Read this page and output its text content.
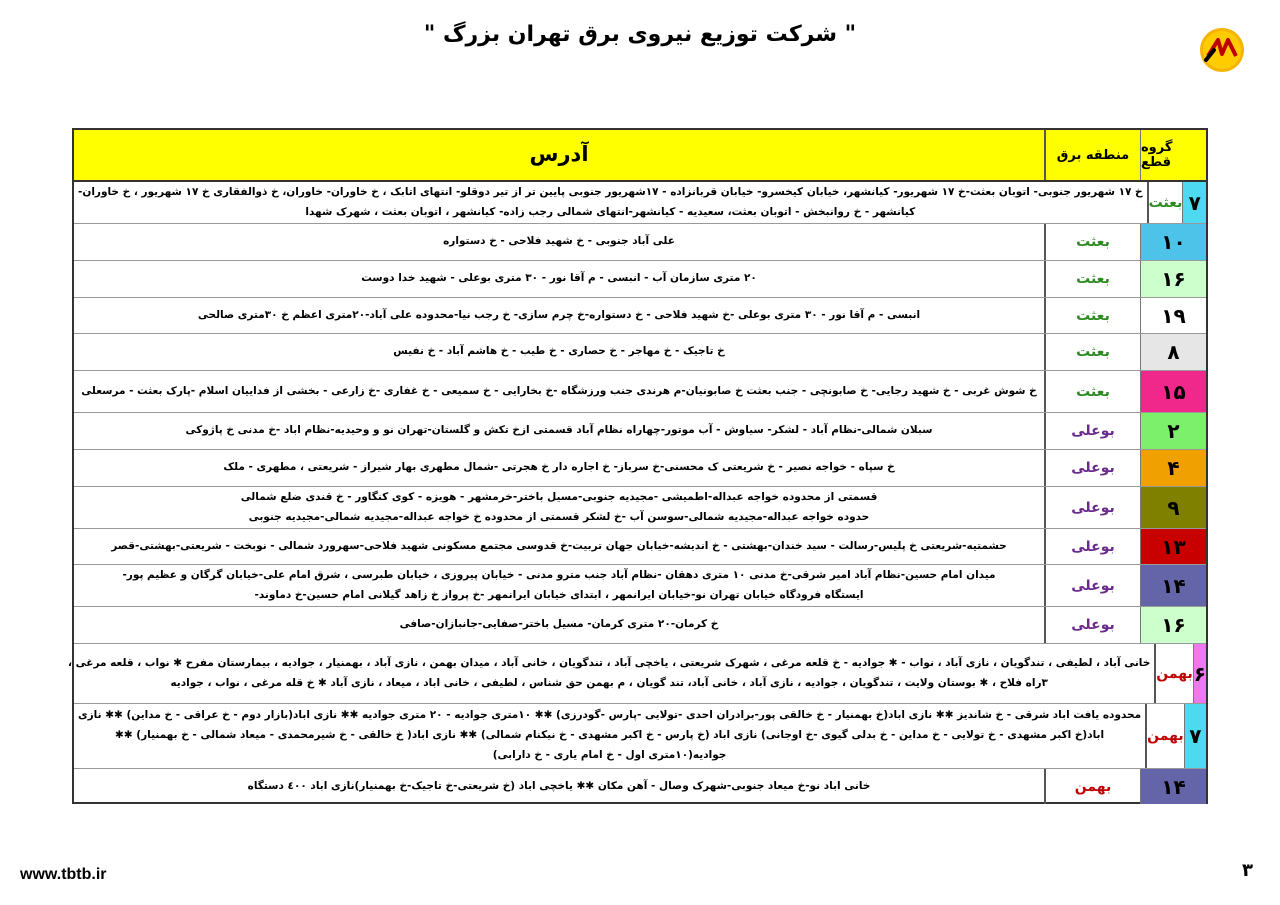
" شرکت توزیع نیروی برق تهران بزرگ "
گروه قطع
منطقه برق
آدرس
۷
بعثت
خ ۱۷ شهریور جنوبی- اتوبان بعثت-خ ۱۷ شهریور- کیانشهر، خیابان کیخسرو- خیابان قربانزاده - ۱۷شهریور جنوبی پایین تر از تیر دوقلو- انتهای اتابک ، خ خاوران- خاوران، خ ذوالفقاری خ ۱۷ شهریور ، خ خاوران-
کیانشهر - خ روانبخش - اتوبان بعثت، سعیدیه - کیانشهر-انتهای شمالی رجب زاده- کیانشهر ، اتوبان بعثت ، شهرک شهدا
۱۰
بعثت
علی آباد جنوبی - خ شهید فلاحی - خ دستواره
۱۶
بعثت
۲۰ متری سازمان آب - انبسی - م آقا نور - ۳۰ متری بوعلی - شهید خدا دوست
۱۹
بعثت
انبسی - م آقا نور - ۳۰ متری بوعلی -خ شهید فلاحی - خ دستواره-خ چرم سازی- خ رجب نیا-محدوده علی آباد-۲۰متری اعظم خ ۳۰متری صالحی
۸
بعثت
خ تاجیک - خ مهاجر - خ حصاری - خ طیب - خ هاشم آباد - خ نفیس
۱۵
بعثت
خ شوش غربی - خ شهید رجایی- خ صابونچی - جنب بعثت خ صابونیان-م هرندی جنب ورزشگاه -خ بخارایی - خ سمیعی - خ غفاری -خ زارعی - بخشی از فداییان اسلام -پارک بعثت - مرسعلی
۲
بوعلی
سبلان شمالی-نظام آباد - لشکر- سیاوش - آب موتور-چهاراه نظام آباد قسمتی ازخ تکش و گلستان-تهران نو و وحیدیه-نظام اباد -خ مدنی خ پاژوکی
۴
بوعلی
خ سپاه - خواجه نصیر - خ شریعتی ک محسنی-خ سرباز- خ اجاره دار خ هجرتی -شمال مطهری بهار شیراز - شریعتی ، مطهری - ملک
۹
بوعلی
قسمتی از محدوده خواجه عبداله-اطمیشی -مجیدیه جنوبی-مسیل باختر-خرمشهر - هویزه - کوی کنگاور - خ قندی ضلع شمالی
حدوده خواجه عبداله-مجیدیه شمالی-سوسن آب -خ لشکر قسمتی از محدوده خ خواجه عبداله-مجیدیه شمالی-مجیدیه جنوبی
۱۳
بوعلی
حشمتیه-شریعتی خ پلیس-رسالت - سید خندان-بهشتی - خ اندیشه-خیابان جهان تربیت-خ قدوسی مجتمع مسکونی شهید فلاحی-سهرورد شمالی - نوبخت - شریعتی-بهشتی-قصر
۱۴
بوعلی
میدان امام حسین-نظام آباد امیر شرقی-خ مدنی ۱۰ متری دهقان -نظام آباد جنب مترو مدنی - خیابان پیروزی ، خیابان طبرسی ، شرق امام علی-خیابان گرگان و عظیم پور-
ایستگاه فرودگاه خیابان تهران نو-خیابان ایرانمهر ، ابتدای خیابان ایرانمهر -خ پرواز خ زاهد گیلانی امام حسین-خ دماوند-
۱۶
بوعلی
خ کرمان-۲۰ متری کرمان- مسیل باختر-صفایی-جانبازان-صافی
۶
بهمن
خانی آباد ، لطیفی ، تندگویان ، نازی آباد ، نواب - ✱ جوادیه - خ قلعه مرغی ، شهرک شریعتی ، یاخچی آباد ، تندگویان ، خانی آباد ، میدان بهمن ، نازی آباد ، بهمنیار ، جوادیه ، بیمارستان مفرح ✱ نواب ، قلعه مرغی ،
۳راه فلاح ، ✱ بوستان ولایت ، تندگویان ، جوادیه ، نازی آباد ، خانی آباد، تند گویان ، م بهمن حق شناس ، لطیفی ، خانی اباد ، میعاد ، نازی آباد ✱ خ قله مرغی ، نواب ، جوادیه
۷
بهمن
محدوده یافت اباد شرقی - خ شاندیز ✱✱ نازی اباد(خ بهمنیار - خ خالقی پور-برادران احدی -تولایی -پارس -گودرزی) ✱✱ ۱۰متری جوادیه - ۲۰ متری جوادیه ✱✱ نازی اباد(بازار دوم - خ عراقی - خ مداین) ✱✱ نازی
اباد(خ اکبر مشهدی - خ تولایی - خ مداین - خ بدلی گیوی -خ اوجانی) نازی اباد (خ پارس - خ اکبر مشهدی - خ نیکنام شمالی) ✱✱ نازی اباد( خ خالقی - خ شیرمحمدی - میعاد شمالی - خ بهمنیار) ✱✱
جوادیه(۱۰متری اول - خ امام یاری - خ دارابی)
۱۴
بهمن
خانی اباد نو-خ میعاد جنوبی-شهرک وصال - آهن مکان ✱✱ یاخچی اباد (خ شریعتی-خ تاجیک-خ بهمنیار)نازی اباد ٤٠٠ دستگاه
www.tbtb.ir	۳
